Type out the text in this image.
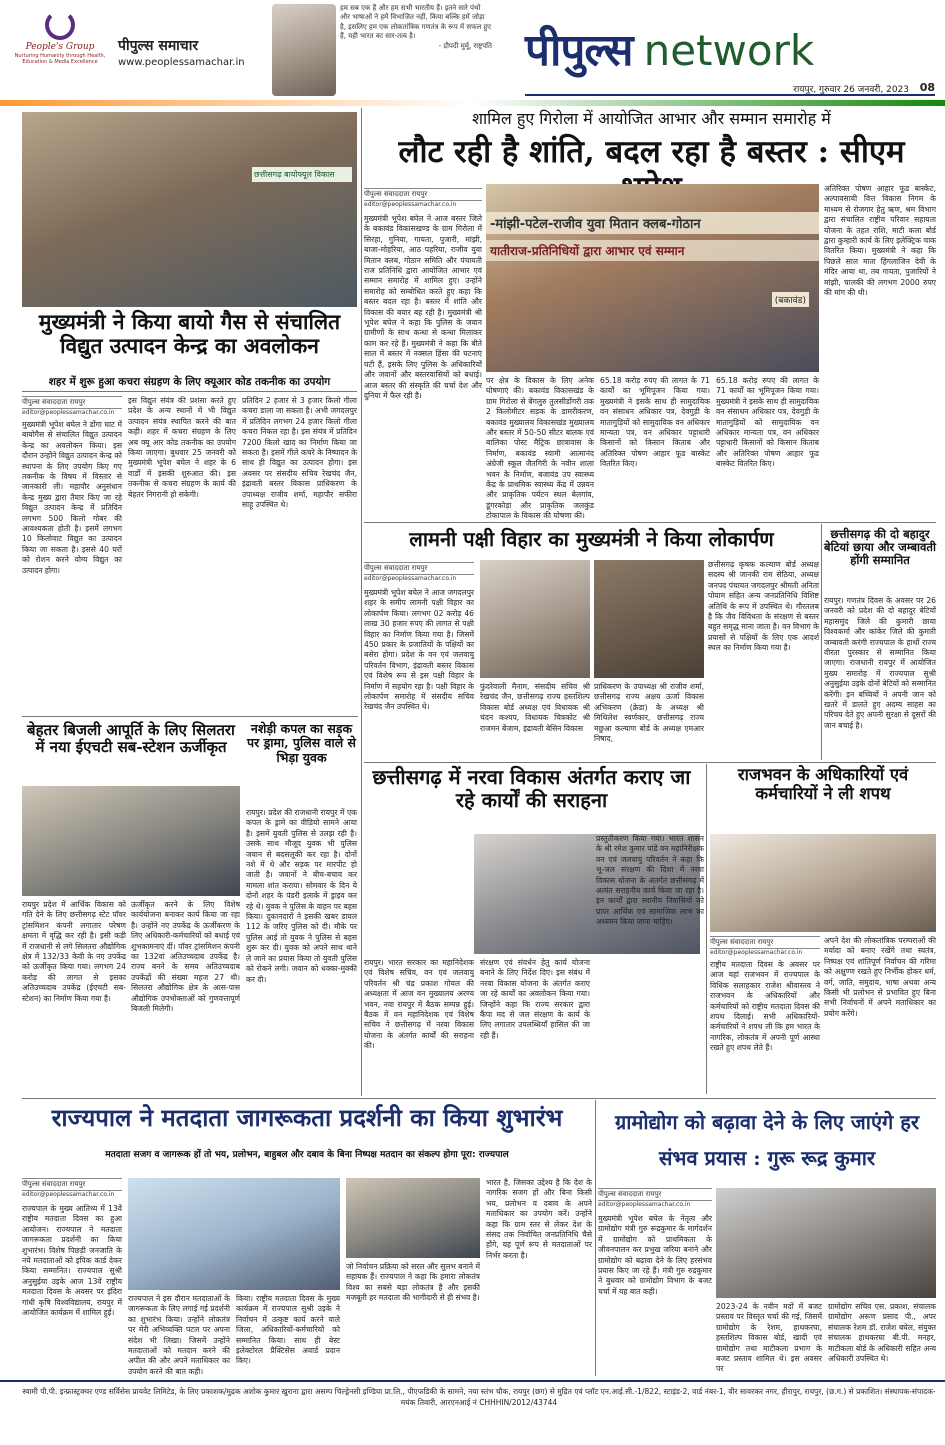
People's Group
Nurturing Humanity through Health, Education & Media Excellence
पीपुल्स समाचार
www.peoplessamachar.in
हम सब एक हैं और हम सभी भारतीय हैं। इतने सारे पंथों और भाषाओं ने हमें विभाजित नहीं, किया बल्कि हमें जोड़ा है, इसलिए हम एक लोकतांत्रिक गणतंत्र के रूप में सफल हुए हैं, यही भारत का सार-तत्व है।
- द्रौपदी मुर्मू, राष्ट्रपति पीपुल्स network
रायपुर, गुरुवार 26 जनवरी, 2023 08
छत्तीसगढ़ बायोफ्यूल विकास
मुख्यमंत्री ने किया बायो गैस से संचालित विद्युत उत्पादन केन्द्र का अवलोकन
शहर में शुरू हुआ कचरा संग्रहण के लिए क्यूआर कोड तकनीक का उपयोग
पीपुल्स संवाददाता रायपुर
editor@peoplessamachar.co.in
मुख्यमंत्री भूपेश बघेल ने डोंगा घाट में बायोगैस से संचालित विद्युत उत्पादन केन्द्र का अवलोकन किया। इस दौरान उन्होंने विद्युत उत्पादन केन्द्र को स्थापना के लिए उपयोग किए गए तकनीक के विषय में विस्तार से जानकारी ली। महापौर अनुसंधान केन्द्र मुख्य द्वारा तैयार किए जा रहे विद्युत उत्पादन केन्द्र में प्रतिदिन लगभग 500 किलो गोबर की आवश्यकता होती है। इसमें लगभग 10 किलोवाट विद्युत का उत्पादन किया जा सकता है। इससे 40 घरों को रोशन करने योग्य विद्युत का उत्पादन होगा।
इस विद्युत संयंत्र की प्रशंसा करते हुए प्रदेश के अन्य स्थानों में भी विद्युत उत्पादन संयंत्र स्थापित करने की बात कही। शहर में कचरा संग्रहण के लिए अब क्यू आर कोड तकनीक का उपयोग किया जाएगा। बुधवार 25 जनवरी को मुख्यमंत्री भूपेश बघेल ने शहर के 6 वार्डों में इसकी शुरुआत की। इस तकनीक से कचरा संग्रहण के कार्य की बेहतर निगरानी हो सकेगी।
प्रतिदिन 2 हजार से 3 हजार किलो गीला कचरा डाला जा सकता है। अभी जगदलपुर में प्रतिदिन लगभग 24 हजार किलो गीला कचरा निकल रहा है। इस संयंत्र में प्रतिदिन 7200 किलो खाद का निर्माण किया जा सकता है। इसमें गीले कचरे के निष्पादन के साथ ही विद्युत का उत्पादन होगा। इस अवसर पर संसदीय सचिव रेखचंद जैन, इंद्रावती बस्तर विकास प्राधिकरण के उपाध्यक्ष राजीव शर्मा, महापौर सफीरा साहू उपस्थित थे।
बेहतर बिजली आपूर्ति के लिए सिलतरा में नया ईएचटी सब-स्टेशन ऊर्जीकृत
रायपुर प्रदेश में आर्थिक विकास को गति देने के लिए छत्तीसगढ़ स्टेट पॉवर ट्रांसमिशन कंपनी लगातार परेषण क्षमता में वृद्धि कर रही है। इसी कड़ी में राजधानी से लगे सिलतरा औद्योगिक क्षेत्र में 132/33 केवी के नए उपकेंद्र को ऊर्जीकृत किया गया। लगभग 24 करोड़ की लागत से इसका अतिउच्चदाब उपकेंद्र (ईएचटी सब-स्टेशन) का निर्माण किया गया है।
ऊर्जीकृत करने के लिए विशेष कार्ययोजना बनाकर कार्य किया जा रहा है। उन्होंने नए उपकेंद्र के ऊर्जीकरण के लिए अधिकारी-कर्मचारियों को बधाई एवं शुभकामनाएं दीं। पॉवर ट्रांसमिशन कंपनी का 132वां अतिउच्चदाब उपकेंद्र है। राज्य बनने के समय अतिउच्चदाब उपकेंद्रों की संख्या महज 27 थी। सिलतरा औद्योगिक क्षेत्र के आस-पास औद्योगिक उपभोक्ताओं को गुणवत्तापूर्ण बिजली मिलेगी।
नशेड़ी कपल का सड़क पर ड्रामा, पुलिस वाले से भिड़ा युवक
रायपुर। प्रदेश की राजधानी रायपुर में एक कपल के ड्रामे का वीडियो सामने आया है। इसमें युवती पुलिस से उलझ रही है। उसके साथ मौजूद युवक भी पुलिस जवान से बदसलूकी कर रहा है। दोनों नशे में थे और सड़क पर मारपीट हो जाती है। जवानों ने बीच-बचाव कर मामला शांत कराया। सोमवार के दिन ये दोनों शहर के पंडरी इलाके में ड्राइव कर रहे थे। युवक ने पुलिस के वाहन पर बहस किया। दुकानदारों ने इसकी खबर डायल 112 के जरिए पुलिस को दी। मौके पर पुलिस आई तो युवक ने पुलिस से बहस शुरू कर दी। युवक को अपने साथ थाने ले जाने का प्रयास किया तो युवती पुलिस को रोकने लगी। जवान को धक्का-मुक्की कर दी।
शामिल हुए गिरोला में आयोजित आभार और सम्मान समारोह में
लौट रही है शांति, बदल रहा है बस्तर : सीएम
पीपुल्स संवाददाता रायपुर
editor@peoplessamachar.co.in
मुख्यमंत्री भूपेश बघेल ने आज बस्तर जिले के बकावंड विकासखण्ड के ग्राम गिरोला में सिरहा, गुनिया, गायता, पुजारी, मांझी, बाजा-मोहरिया, आठ पहरिया, राजीव युवा मितान क्लब, गोठान समिति और पंचायती राज प्रतिनिधि द्वारा आयोजित आभार एवं सम्मान समारोह में शामिल हुए। उन्होंने समारोह को सम्बोधित करते हुए कहा कि बस्तर बदल रहा है। बस्तर में शांति और विकास की बयार बह रही है। मुख्यमंत्री श्री भूपेश बघेल ने कहा कि पुलिस के जवान ग्रामीणों के साथ कन्धा से कन्धा मिलाकर काम कर रहे हैं। मुख्यमंत्री ने कहा कि बीते साल में बस्तर में नक्सल हिंसा की घटनाएं घटी हैं, इसके लिए पुलिस के अधिकारियों और जवानों और बस्तरवासियों को बधाई। आज बस्तर की संस्कृति की चर्चा देश और दुनिया में फैल रही है।
-मांझी-पटेल-राजीव युवा मितान क्लब-गोठान
यातीराज-प्रतिनिधियों द्वारा आभार एवं सम्मान
(बकावंड)
पर क्षेत्र के विकास के लिए अनेक घोषणाएं की। बकावंड विकासखंड के ग्राम गिरोला से बेंगलुरु तुलसीडोंगरी तक 2 किलोमीटर सड़क के डामरीकरण, बकावंड मुख्यालय विकासखंड मुख्यालय और बस्तर में 50-50 सीटर बालक एवं बालिका पोस्ट मैट्रिक छात्रावास के निर्माण, बकावंड स्वामी आत्मानंद अंग्रेजी स्कूल जैतगिरी के नवीन शाला भवन के निर्माण, बजावंड उप स्वास्थ्य केंद्र के प्राथमिक स्वास्थ्य केंद्र में उन्नयन और प्राकृतिक पर्यटन स्थल बेलगांव, डूंगरकोड़ा और प्राकृतिक जलकुंड टोकापाल के विकास की घोषणा की।
65.18 करोड़ रुपए की लागत के 71 कार्यों का भूमिपूजन किया गया। मुख्यमंत्री ने इसके साथ ही सामुदायिक वन संसाधन अधिकार पत्र, देवगुड़ी के मातागुड़ियों को सामुदायिक वन अधिकार मान्यता पत्र, वन अधिकार पट्टाधारी किसानों को किसान किताब और अतिरिक्त पोषण आहार फूड बास्केट वितरित किए।
65.18 करोड़ रुपए की लागत के 71 कार्यों का भूमिपूजन किया गया। मुख्यमंत्री ने इसके साथ ही सामुदायिक वन संसाधन अधिकार पत्र, देवगुड़ी के मातागुड़ियों को सामुदायिक वन अधिकार मान्यता पत्र, वन अधिकार पट्टाधारी किसानों को किसान किताब और अतिरिक्त पोषण आहार फूड बास्केट वितरित किए।
अतिरिक्त पोषण आहार फूड बास्केट, अल्पावसायी वित्त विकास निगम के माध्यम से रोजगार हेतु ऋण, श्रम विभाग द्वारा संचालित राष्ट्रीय परिवार सहायता योजना के तहत राशि, माटी कला बोर्ड द्वारा कुम्हारी कार्य के लिए इलेक्ट्रिक चाक वितरित किया। मुख्यमंत्री ने कहा कि पिछले साल माता हिंगलाजिन देवी के मंदिर आया था, तब गायता, पुजारियों ने मांझी, चालकी की लगभग 2000 रुपए की मांग की थी।
लामनी पक्षी विहार का मुख्यमंत्री ने किया लोकार्पण
पीपुल्स संवाददाता रायपुर
editor@peoplessamachar.co.in
मुख्यमंत्री भूपेश बघेल ने आज जगदलपुर शहर के समीप लामनी पक्षी विहार का लोकार्पण किया। लगभग 02 करोड़ 46 लाख 30 हजार रुपए की लागत से पक्षी विहार का निर्माण किया गया है। जिसमें 450 प्रकार के प्रजातियों के पक्षियों का बसेरा होगा। प्रदेश के वन एवं जलवायु परिवर्तन विभाग, इंद्रावती बस्तर विकास एवं विशेष रूप से इस पक्षी विहार के निर्माण में सहयोग रहा है। पक्षी विहार के लोकार्पण समारोह में संसदीय सचिव रेखचंद जैन उपस्थित थे।
फुंदरेवाली मैनाम, संसदीय सचिव श्री रेखचंद जैन, छत्तीसगढ़ राज्य हस्तशिल्प विकास बोर्ड अध्यक्ष एवं विधायक श्री चंदन कश्यप, विधायक चित्रकोट श्री राजमन बेंजाम, इंद्रावती बेसिन विकास
प्राधिकरण के उपाध्यक्ष श्री राजीव शर्मा, छत्तीसगढ़ राज्य अक्षय ऊर्जा विकास अभिकरण (क्रेडा) के अध्यक्ष श्री मिथिलेश स्वर्णकार, छत्तीसगढ़ राज्य मछुआ कल्याण बोर्ड के अध्यक्ष एमआर निषाद,
छत्तीसगढ़ कृषक कल्याण बोर्ड अध्यक्ष सदस्य श्री जानकी राम सेठिया, अध्यक्ष जनपद पंचायत जगदलपुर श्रीमती अनिता पोयाम सहित अन्य जनप्रतिनिधि विशिष्ट अतिथि के रूप में उपस्थित थे। गौरतलब है कि जैव विविधता के संरक्षण से बस्तर बहुत समृद्ध माना जाता है। वन विभाग के प्रयासों से पक्षियों के लिए एक आदर्श स्थल का निर्माण किया गया है।
छत्तीसगढ़ की दो बहादुर बेटियां छाया और जम्बावती होंगी सम्मानित
रायपुर। गणतंत्र दिवस के अवसर पर 26 जनवरी को प्रदेश की दो बहादुर बेटियों महासमुंद जिले की कुमारी छाया विश्वकर्मा और कांकेर जिले की कुमारी जम्बावती करंगी राज्यपाल के हाथों राज्य वीरता पुरस्कार से सम्मानित किया जाएगा। राजधानी रायपुर में आयोजित मुख्य समारोह में राज्यपाल सुश्री अनुसुईया उइके दोनों बेटियों को सम्मानित करेंगी। इन बच्चियों ने अपनी जान को खतरे में डालते हुए अदम्य साहस का परिचय देते हुए अपनी सुरक्षा से दूसरों की जान बचाई है।
छत्तीसगढ़ में नरवा विकास अंतर्गत कराए जा रहे कार्यों की सराहना
रायपुर। भारत सरकार का महानिदेशक एवं विशेष सचिव, वन एवं जलवायु परिवर्तन श्री चंद्र प्रकाश गोयल की अध्यक्षता में आज वन मुख्यालय अरण्य भवन, नवा रायपुर में बैठक सम्पन्न हुई। बैठक में वन महानिदेशक एवं विशेष सचिव ने छत्तीसगढ़ में नरवा विकास योजना के अंतर्गत कार्यों की सराहना की।
संरक्षण एवं संवर्धन हेतु कार्य योजना बनाने के लिए निर्देश दिए। इस संबंध में नरवा विकास योजना के अंतर्गत कराए जा रहे कार्यों का अवलोकन किया गया। जिन्होंने कहा कि राज्य सरकार द्वारा कैंपा मद से जल संरक्षण के कार्य के लिए लगातार उपलब्धियाँ हासिल की जा रही हैं।
प्रस्तुतीकरण किया गया। भारत शासन के श्री रमेश कुमार पांडे वन महानिरीक्षक वन एवं जलवायु परिवर्तन ने कहा कि भू-जल संरक्षण की दिशा में नरवा विकास योजना के अंतर्गत छत्तीसगढ़ में अत्यंत सराहनीय कार्य किया जा रहा है। इन कार्यों द्वारा स्थानीय निवासियों को प्राप्त आर्थिक एवं सामाजिक लाभ का अध्ययन किया जाना चाहिए।
राजभवन के अधिकारियों एवं कर्मचारियों ने ली शपथ
पीपुल्स संवाददाता रायपुर
editor@peoplessamachar.co.in
राष्ट्रीय मतदाता दिवस के अवसर पर आज यहां राजभवन में राज्यपाल के विधिक सलाहकार राजेश श्रीवास्तव ने राजभवन के अधिकारियों और कर्मचारियों को राष्ट्रीय मतदाता दिवस की शपथ दिलाई। सभी अधिकारियों-कर्मचारियों ने शपथ ली कि हम भारत के नागरिक, लोकतंत्र में अपनी पूर्ण आस्था रखते हुए शपथ लेते हैं।
अपने देश की लोकतांत्रिक परम्पराओं की मर्यादा को बनाए रखेंगे तथा स्वतंत्र, निष्पक्ष एवं शांतिपूर्ण निर्वाचन की गरिमा को अक्षुण्ण रखते हुए निर्भीक होकर धर्म, वर्ग, जाति, समुदाय, भाषा अथवा अन्य किसी भी प्रलोभन से प्रभावित हुए बिना सभी निर्वाचनों में अपने मताधिकार का प्रयोग करेंगे।
राज्यपाल ने मतदाता जागरूकता प्रदर्शनी का किया शुभारंभ
मतदाता सजग व जागरूक हों तो भय, प्रलोभन, बाहुबल और दबाव के बिना निष्पक्ष मतदान का संकल्प होगा पूरा: राज्यपाल
पीपुल्स संवाददाता रायपुर
editor@peoplessamachar.co.in
राज्यपाल के मुख्य आतिथ्य में 13वें राष्ट्रीय मतदाता दिवस का हुआ आयोजन। राज्यपाल ने मतदाता जागरूकता प्रदर्शनी का किया शुभारंभ। विशेष पिछड़ी जनजाति के नये मतदाताओं को इपिक कार्ड देकर किया सम्मानित। राज्यपाल सुश्री अनुसुईया उइके आज 13वें राष्ट्रीय मतदाता दिवस के अवसर पर इंदिरा गांधी कृषि विश्वविद्यालय, रायपुर में आयोजित कार्यक्रम में शामिल हुईं।
राज्यपाल ने इस दौरान मतदाताओं के जागरूकता के लिए लगाई गई प्रदर्शनी का शुभारंभ किया। उन्होंने लोकतंत्र पर मेरी अभिव्यक्ति पटल पर अपना संदेश भी लिखा। जिसमें उन्होंने मतदाताओं को मतदान करने की अपील की और अपने मताधिकार का उपयोग करने की बात कही।
किया। राष्ट्रीय मतदाता दिवस के मुख्य कार्यक्रम में राज्यपाल सुश्री उइके ने निर्वाचन में उत्कृष्ट कार्य करने वाले जिला, अधिकारियों-कर्मचारियों को सम्मानित किया। साथ ही बेस्ट इलेक्टोरल प्रैक्टिसेस अवार्ड प्रदान किए।
जो निर्वाचन प्रक्रिया को सरल और सुलभ बनाने में सहायक हैं। राज्यपाल ने कहा कि हमारा लोकतंत्र विश्व का सबसे बड़ा लोकतंत्र है और इसकी मजबूती हर मतदाता की भागीदारी से ही संभव है।
भारत है, जिसका उद्देश्य है कि देश के नागरिक सजग हों और बिना किसी भय, प्रलोभन व दबाव के अपने मताधिकार का उपयोग करें। उन्होंने कहा कि ग्राम स्तर से लेकर देश के संसद तक निर्वाचित जनप्रतिनिधि चैसे होंगे, यह पूर्ण रूप से मतदाताओं पर निर्भर करता है।
ग्रामोद्योग को बढ़ावा देने के लिए जाएंगे हर संभव प्रयास : गुरू रूद्र कुमार
पीपुल्स संवाददाता रायपुर
editor@peoplessamachar.co.in
मुख्यमंत्री भूपेश बघेल के नेतृत्व और ग्रामोद्योग मंत्री गुरु रूद्रकुमार के मार्गदर्शन में ग्रामोद्योग को प्राथमिकता के जीवनपालन कर प्रभुख जरिया बनाने और ग्रामोद्योग को बढ़ावा देने के लिए हरसंभव प्रयास किए जा रहे हैं। मंत्री गुरु रुद्रकुमार ने बुधवार को ग्रामोद्योग विभाग के बजट चर्चा में यह बात कही।
2023-24 के नवीन मदों में बजट प्रस्ताव पर विस्तृत चर्चा की गई, जिसमें ग्रामोद्योग के रेशम, हाथकरघा, हस्तशिल्प विकास बोर्ड, खादी एवं ग्रामोद्योग तथा माटीकला प्रभाग के बजट प्रस्ताव शामिल थे। इस अवसर पर
ग्रामोद्योग सचिव एस. प्रकाश, संचालक ग्रामोद्योग अरूण प्रसाद पी., अपर संचालक रेशम डॉ. राजेश बघेल, संयुक्त संचालक हाथकरघा बी.पी. मनहर, माटीकला बोर्ड के अधिकारी सहित अन्य अधिकारी उपस्थित थे।
स्वामी पी.पी. इन्फ्रास्ट्रक्चर एण्ड सर्विसेस प्रायवेट लिमिटेड, के लिए प्रकाशक/मुद्रक अशोक कुमार खुराना द्वारा असम्प चिल्ड्रेनसी इण्डिया प्रा.लि., पीएफडिकी के सामने, नया स्तंभ चौक, रायपुर (छग) से मुद्रित एवं प्लॉट एन.आई.सी.-1/822, स्टाइंड-2, वार्ड नंबर-1, वीर सावरकर नगर, हीरापुर, रायपुर, (छ.ग.) से प्रकाशित। संस्थापक-संपादक-मयंक तिवारी, आरएनआई नं CHHHIN/2012/43744
